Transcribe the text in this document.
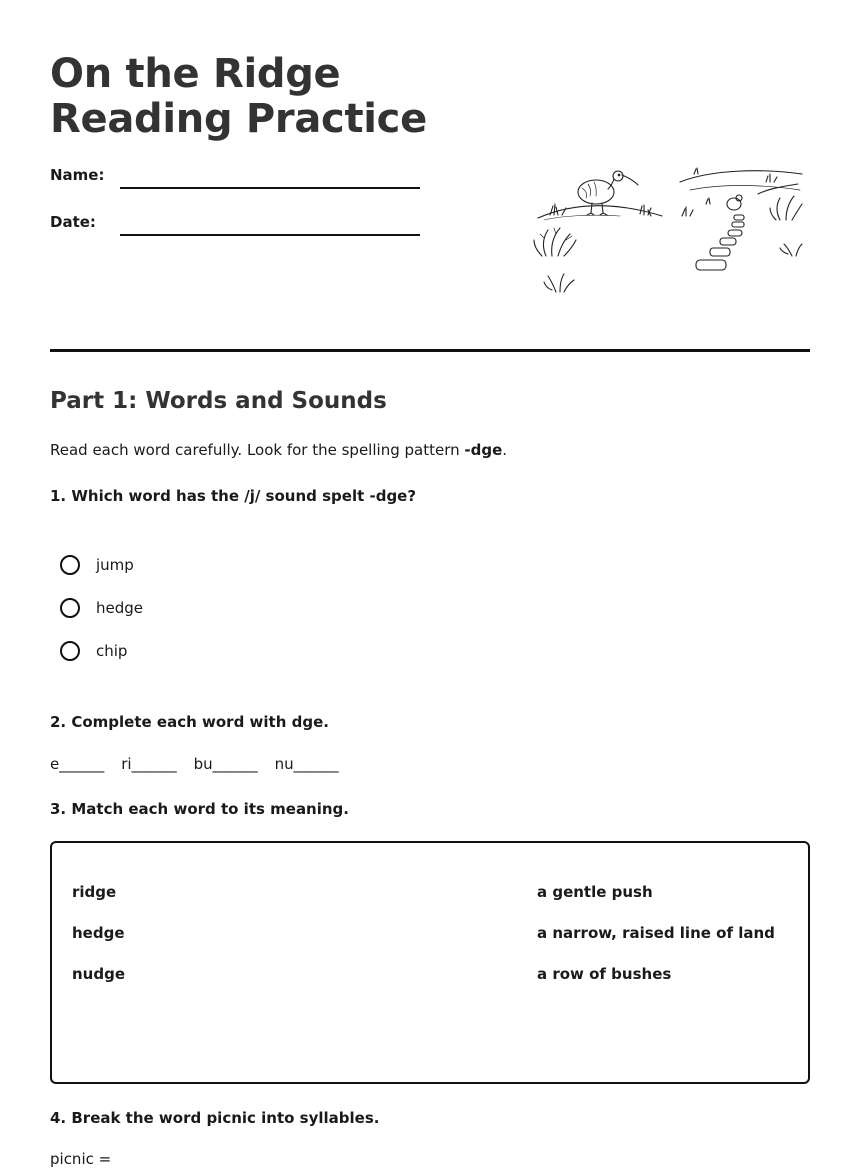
On the Ridge Reading Practice
Name:
Date:
Part 1: Words and Sounds
Read each word carefully. Look for the spelling pattern -dge.
1. Which word has the /j/ sound spelt -dge?
jump
hedge
chip
2. Complete each word with dge.
e______ ri______ bu______ nu______
3. Match each word to its meaning.
ridge
hedge
nudge
a gentle push
a narrow, raised line of land
a row of bushes
4. Break the word picnic into syllables.
picnic =
